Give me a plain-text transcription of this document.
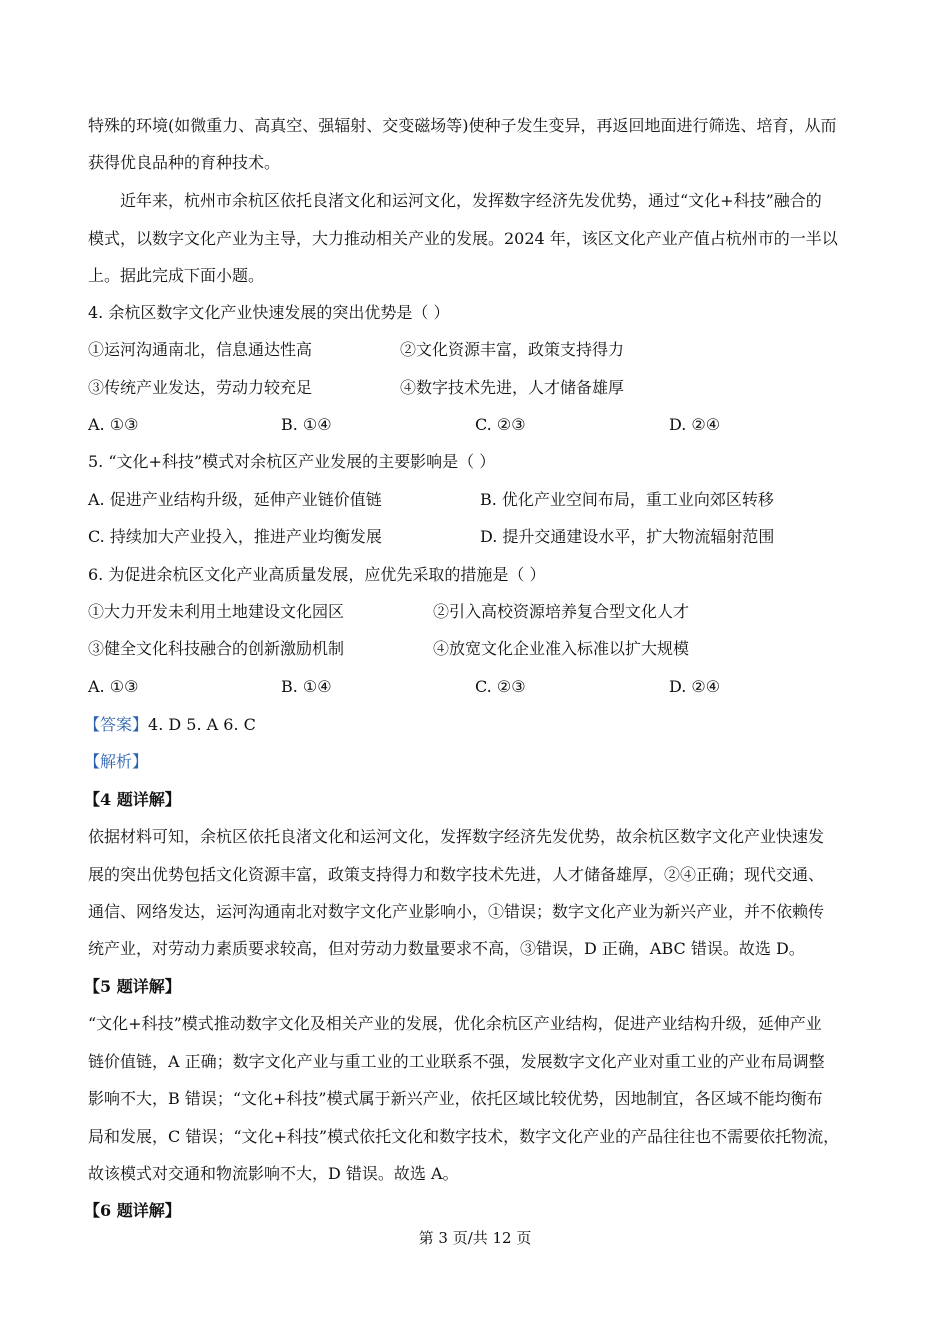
特殊的环境(如微重力、高真空、强辐射、交变磁场等)使种子发生变异，再返回地面进行筛选、培育，从而
获得优良品种的育种技术。
近年来，杭州市余杭区依托良渚文化和运河文化，发挥数字经济先发优势，通过“文化+科技”融合的
模式，以数字文化产业为主导，大力推动相关产业的发展。2024 年，该区文化产业产值占杭州市的一半以
上。据此完成下面小题。
4. 余杭区数字文化产业快速发展的突出优势是（ ）
①运河沟通南北，信息通达性高	②文化资源丰富，政策支持得力
③传统产业发达，劳动力较充足	④数字技术先进，人才储备雄厚
A. ①③	B. ①④	C. ②③	D. ②④
5. “文化+科技”模式对余杭区产业发展的主要影响是（ ）
A. 促进产业结构升级，延伸产业链价值链	B. 优化产业空间布局，重工业向郊区转移
C. 持续加大产业投入，推进产业均衡发展	D. 提升交通建设水平，扩大物流辐射范围
6. 为促进余杭区文化产业高质量发展，应优先采取的措施是（ ）
①大力开发未利用土地建设文化园区	②引入高校资源培养复合型文化人才
③健全文化科技融合的创新激励机制	④放宽文化企业准入标准以扩大规模
A. ①③	B. ①④	C. ②③	D. ②④
【答案】4. D 5. A 6. C
【解析】
【4 题详解】
依据材料可知，余杭区依托良渚文化和运河文化，发挥数字经济先发优势，故余杭区数字文化产业快速发
展的突出优势包括文化资源丰富，政策支持得力和数字技术先进，人才储备雄厚，②④正确；现代交通、
通信、网络发达，运河沟通南北对数字文化产业影响小，①错误；数字文化产业为新兴产业，并不依赖传
统产业，对劳动力素质要求较高，但对劳动力数量要求不高，③错误，D 正确，ABC 错误。故选 D。
【5 题详解】
“文化+科技”模式推动数字文化及相关产业的发展，优化余杭区产业结构，促进产业结构升级，延伸产业
链价值链，A 正确；数字文化产业与重工业的工业联系不强，发展数字文化产业对重工业的产业布局调整
影响不大，B 错误；“文化+科技”模式属于新兴产业，依托区域比较优势，因地制宜，各区域不能均衡布
局和发展，C 错误；“文化+科技”模式依托文化和数字技术，数字文化产业的产品往往也不需要依托物流，
故该模式对交通和物流影响不大，D 错误。故选 A。
【6 题详解】
第 3 页/共 12 页
